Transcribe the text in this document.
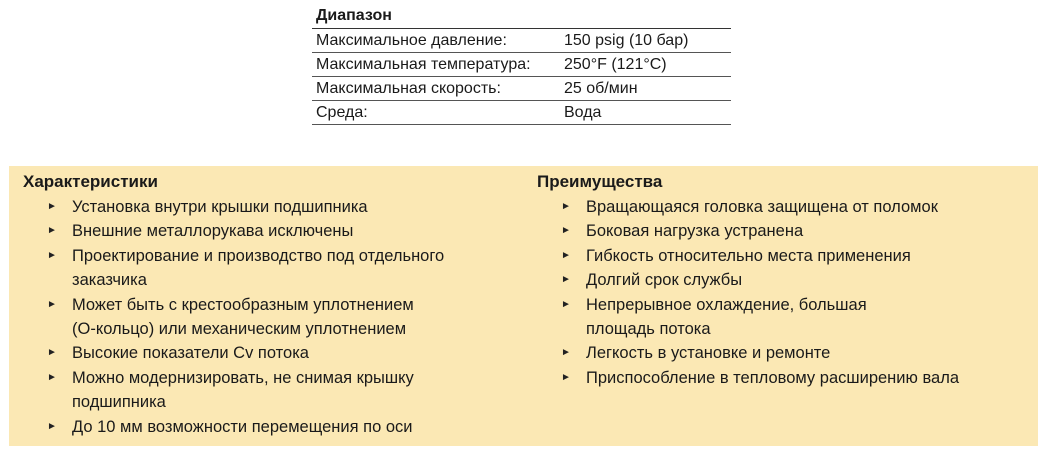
Диапазон
Максимальное давление:	150 psig (10 бар)
Максимальная температура:	250°F (121°C)
Максимальная скорость:	25 об/мин
Среда:	Вода
Характеристики
► Установка внутри крышки подшипника
► Внешние металлорукава исключены
► Проектирование и производство под отдельного
заказчика
► Может быть с крестообразным уплотнением
(О-кольцо) или механическим уплотнением
► Высокие показатели Cv потока
► Можно модернизировать, не снимая крышку
подшипника
► До 10 мм возможности перемещения по оси
Преимущества
► Вращающаяся головка защищена от поломок
► Боковая нагрузка устранена
► Гибкость относительно места применения
► Долгий срок службы
► Непрерывное охлаждение, большая
площадь потока
► Легкость в установке и ремонте
► Приспособление в тепловому расширению вала
